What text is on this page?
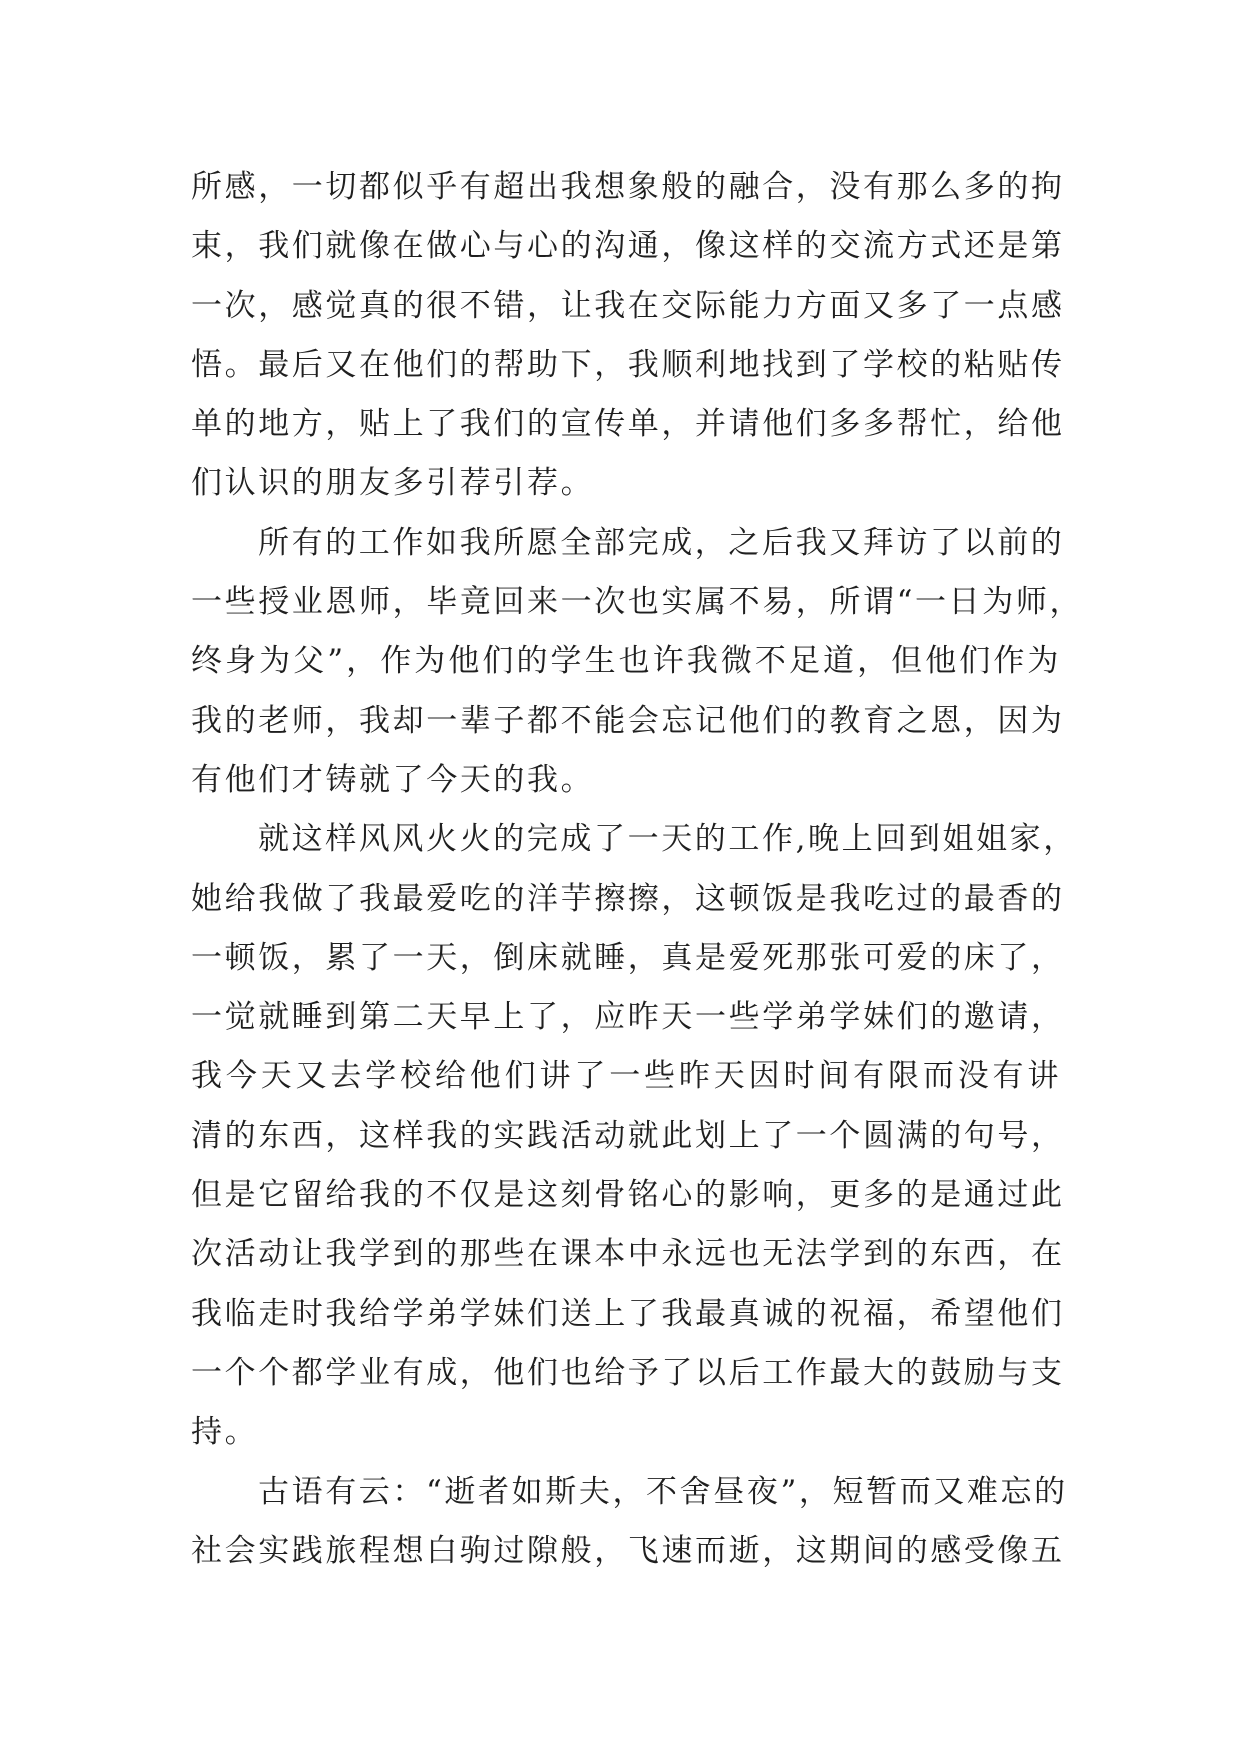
所感，一切都似乎有超出我想象般的融合，没有那么多的拘
束，我们就像在做心与心的沟通，像这样的交流方式还是第
一次，感觉真的很不错，让我在交际能力方面又多了一点感
悟。最后又在他们的帮助下，我顺利地找到了学校的粘贴传
单的地方，贴上了我们的宣传单，并请他们多多帮忙，给他
们认识的朋友多引荐引荐。

所有的工作如我所愿全部完成，之后我又拜访了以前的
一些授业恩师，毕竟回来一次也实属不易，所谓“一日为师，
终身为父”，作为他们的学生也许我微不足道，但他们作为
我的老师，我却一辈子都不能会忘记他们的教育之恩，因为
有他们才铸就了今天的我。

就这样风风火火的完成了一天的工作,晚上回到姐姐家，
她给我做了我最爱吃的洋芋擦擦，这顿饭是我吃过的最香的
一顿饭，累了一天，倒床就睡，真是爱死那张可爱的床了，
一觉就睡到第二天早上了，应昨天一些学弟学妹们的邀请，
我今天又去学校给他们讲了一些昨天因时间有限而没有讲
清的东西，这样我的实践活动就此划上了一个圆满的句号，
但是它留给我的不仅是这刻骨铭心的影响，更多的是通过此
次活动让我学到的那些在课本中永远也无法学到的东西，在
我临走时我给学弟学妹们送上了我最真诚的祝福，希望他们
一个个都学业有成，他们也给予了以后工作最大的鼓励与支
持。

古语有云：“逝者如斯夫，不舍昼夜”，短暂而又难忘的
社会实践旅程想白驹过隙般，飞速而逝，这期间的感受像五
